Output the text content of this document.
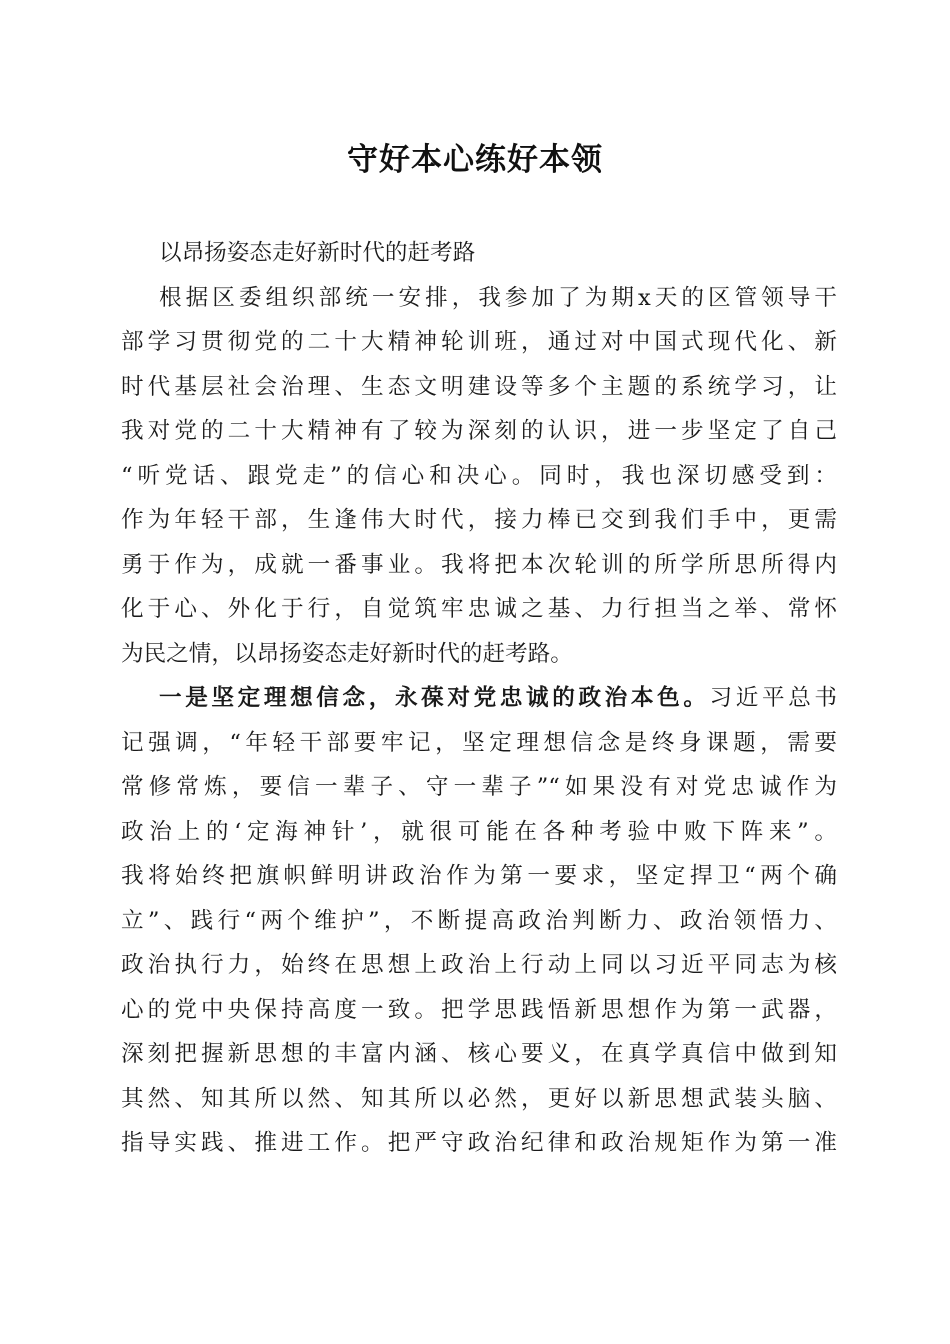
守好本心练好本领
以昂扬姿态走好新时代的赶考路
根据区委组织部统一安排，我参加了为期x天的区管领导干
部学习贯彻党的二十大精神轮训班，通过对中国式现代化、新
时代基层社会治理、生态文明建设等多个主题的系统学习，让
我对党的二十大精神有了较为深刻的认识，进一步坚定了自己
“听党话、跟党走”的信心和决心。同时，我也深切感受到：
作为年轻干部，生逢伟大时代，接力棒已交到我们手中，更需
勇于作为，成就一番事业。我将把本次轮训的所学所思所得内
化于心、外化于行，自觉筑牢忠诚之基、力行担当之举、常怀
为民之情，以昂扬姿态走好新时代的赶考路。
一是坚定理想信念，永葆对党忠诚的政治本色。习近平总书
记强调，“年轻干部要牢记，坚定理想信念是终身课题，需要
常修常炼，要信一辈子、守一辈子”“如果没有对党忠诚作为
政治上的‘定海神针’，就很可能在各种考验中败下阵来”。
我将始终把旗帜鲜明讲政治作为第一要求，坚定捍卫“两个确
立”、践行“两个维护”，不断提高政治判断力、政治领悟力、
政治执行力，始终在思想上政治上行动上同以习近平同志为核
心的党中央保持高度一致。把学思践悟新思想作为第一武器，
深刻把握新思想的丰富内涵、核心要义，在真学真信中做到知
其然、知其所以然、知其所以必然，更好以新思想武装头脑、
指导实践、推进工作。把严守政治纪律和政治规矩作为第一准
